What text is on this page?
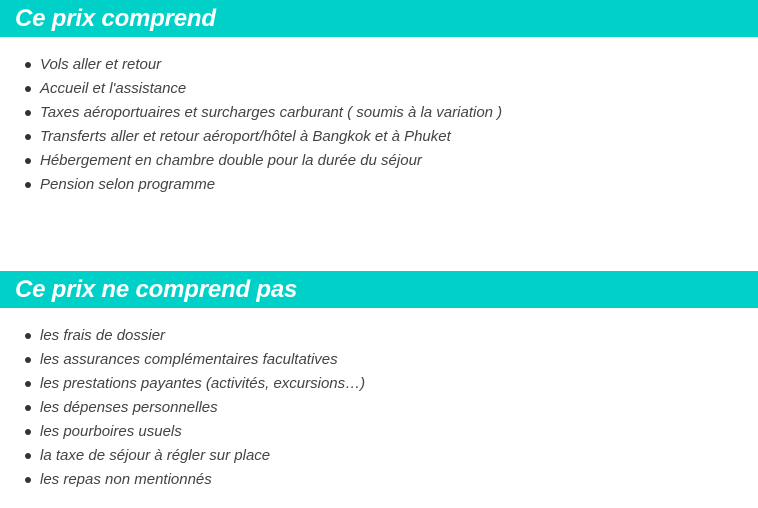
Ce prix comprend
Vols aller et retour
Accueil et l'assistance
Taxes aéroportuaires et surcharges carburant ( soumis à la variation )
Transferts aller et retour aéroport/hôtel à Bangkok et à Phuket
Hébergement en chambre double pour la durée du séjour
Pension selon programme
Ce prix ne comprend pas
les frais de dossier
les assurances complémentaires facultatives
les prestations payantes (activités, excursions…)
les dépenses personnelles
les pourboires usuels
la taxe de séjour à régler sur place
les repas non mentionnés
